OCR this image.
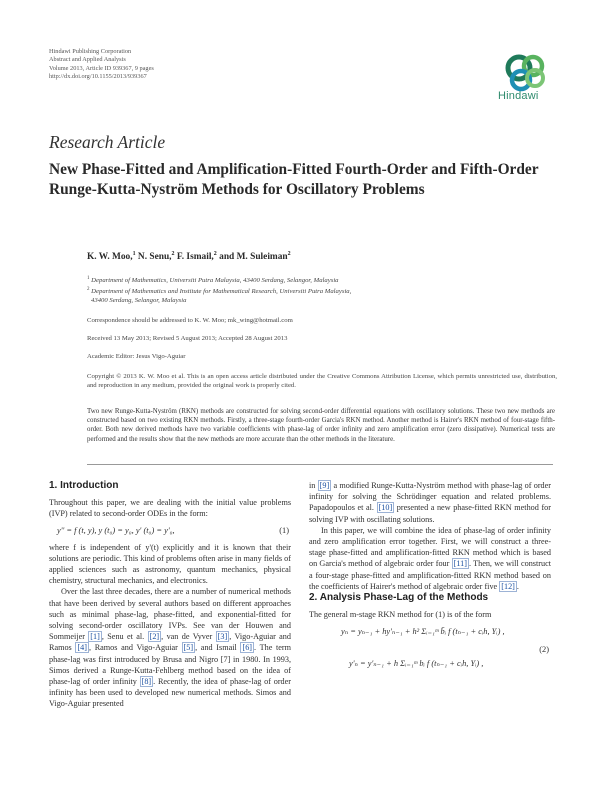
Hindawi Publishing Corporation
Abstract and Applied Analysis
Volume 2013, Article ID 939367, 9 pages
http://dx.doi.org/10.1155/2013/939367
Hindawi
Research Article
New Phase-Fitted and Amplification-Fitted Fourth-Order and Fifth-Order Runge-Kutta-Nyström Methods for Oscillatory Problems
K. W. Moo,$^1$ N. Senu,$^2$ F. Ismail,$^2$ and M. Suleiman$^2$
$^1$ Department of Mathematics, Universiti Putra Malaysia, 43400 Serdang, Selangor, Malaysia
$^2$ Department of Mathematics and Institute for Mathematical Research, Universiti Putra Malaysia,
43400 Serdang, Selangor, Malaysia
Correspondence should be addressed to K. W. Moo; mk_wing@hotmail.com
Received 13 May 2013; Revised 5 August 2013; Accepted 28 August 2013
Academic Editor: Jesus Vigo-Aguiar
Copyright © 2013 K. W. Moo et al. This is an open access article distributed under the Creative Commons Attribution License, which permits unrestricted use, distribution, and reproduction in any medium, provided the original work is properly cited.
Two new Runge-Kutta-Nyström (RKN) methods are constructed for solving second-order differential equations with oscillatory solutions. These two new methods are constructed based on two existing RKN methods. Firstly, a three-stage fourth-order Garcia's RKN method. Another method is Hairer's RKN method of four-stage fifth-order. Both new derived methods have two variable coefficients with phase-lag of order infinity and zero amplification error (zero dissipative). Numerical tests are performed and the results show that the new methods are more accurate than the other methods in the literature.
1. Introduction

Throughout this paper, we are dealing with the initial value problems (IVP) related to second-order ODEs in the form:

y'' = f (t, y), y (t₀) = y₀, y' (t₀) = y'₀,	(1)

where f is independent of y'(t) explicitly and it is known that their solutions are periodic. This kind of problems often arise in many fields of applied sciences such as astronomy, quantum mechanics, physical chemistry, structural mechanics, and electronics.

Over the last three decades, there are a number of numerical methods that have been derived by several authors based on different approaches such as minimal phase-lag, phase-fitted, and exponential-fitted for solving second-order oscillatory IVPs. See van der Houwen and Sommeijer [1] , Senu et al. [2] , van de Vyver [3] , Vigo-Aguiar and Ramos [4] , Ramos and Vigo-Aguiar [5] , and Ismail [6] . The term phase-lag was first introduced by Brusa and Nigro [7] in 1980. In 1993, Simos derived a Runge-Kutta-Fehlberg method based on the idea of phase-lag of order infinity [8] . Recently, the idea of phase-lag of order infinity has been used to developed new numerical methods. Simos and Vigo-Aguiar presented

in [9] a modified Runge-Kutta-Nyström method with phase-lag of order infinity for solving the Schrödinger equation and related problems. Papadopoulos et al. [10] presented a new phase-fitted RKN method for solving IVP with oscillating solutions.

In this paper, we will combine the idea of phase-lag of order infinity and zero amplification error together. First, we will construct a three-stage phase-fitted and amplification-fitted RKN method which is based on Garcia's method of algebraic order four [11] . Then, we will construct a four-stage phase-fitted and amplification-fitted RKN method based on the coefficients of Hairer's method of algebraic order five [12] .

2. Analysis Phase-Lag of the Methods

The general m-stage RKN method for (1) is of the form

yₙ = yₙ₋₁ + hy'ₙ₋₁ + h² Σᵢ₌₁ᵐ b̄ᵢ f (tₙ₋₁ + cᵢh, Yᵢ) ,
y'ₙ = y'ₙ₋₁ + h Σᵢ₌₁ᵐ bᵢ f (tₙ₋₁ + cᵢh, Yᵢ) ,
(2)
